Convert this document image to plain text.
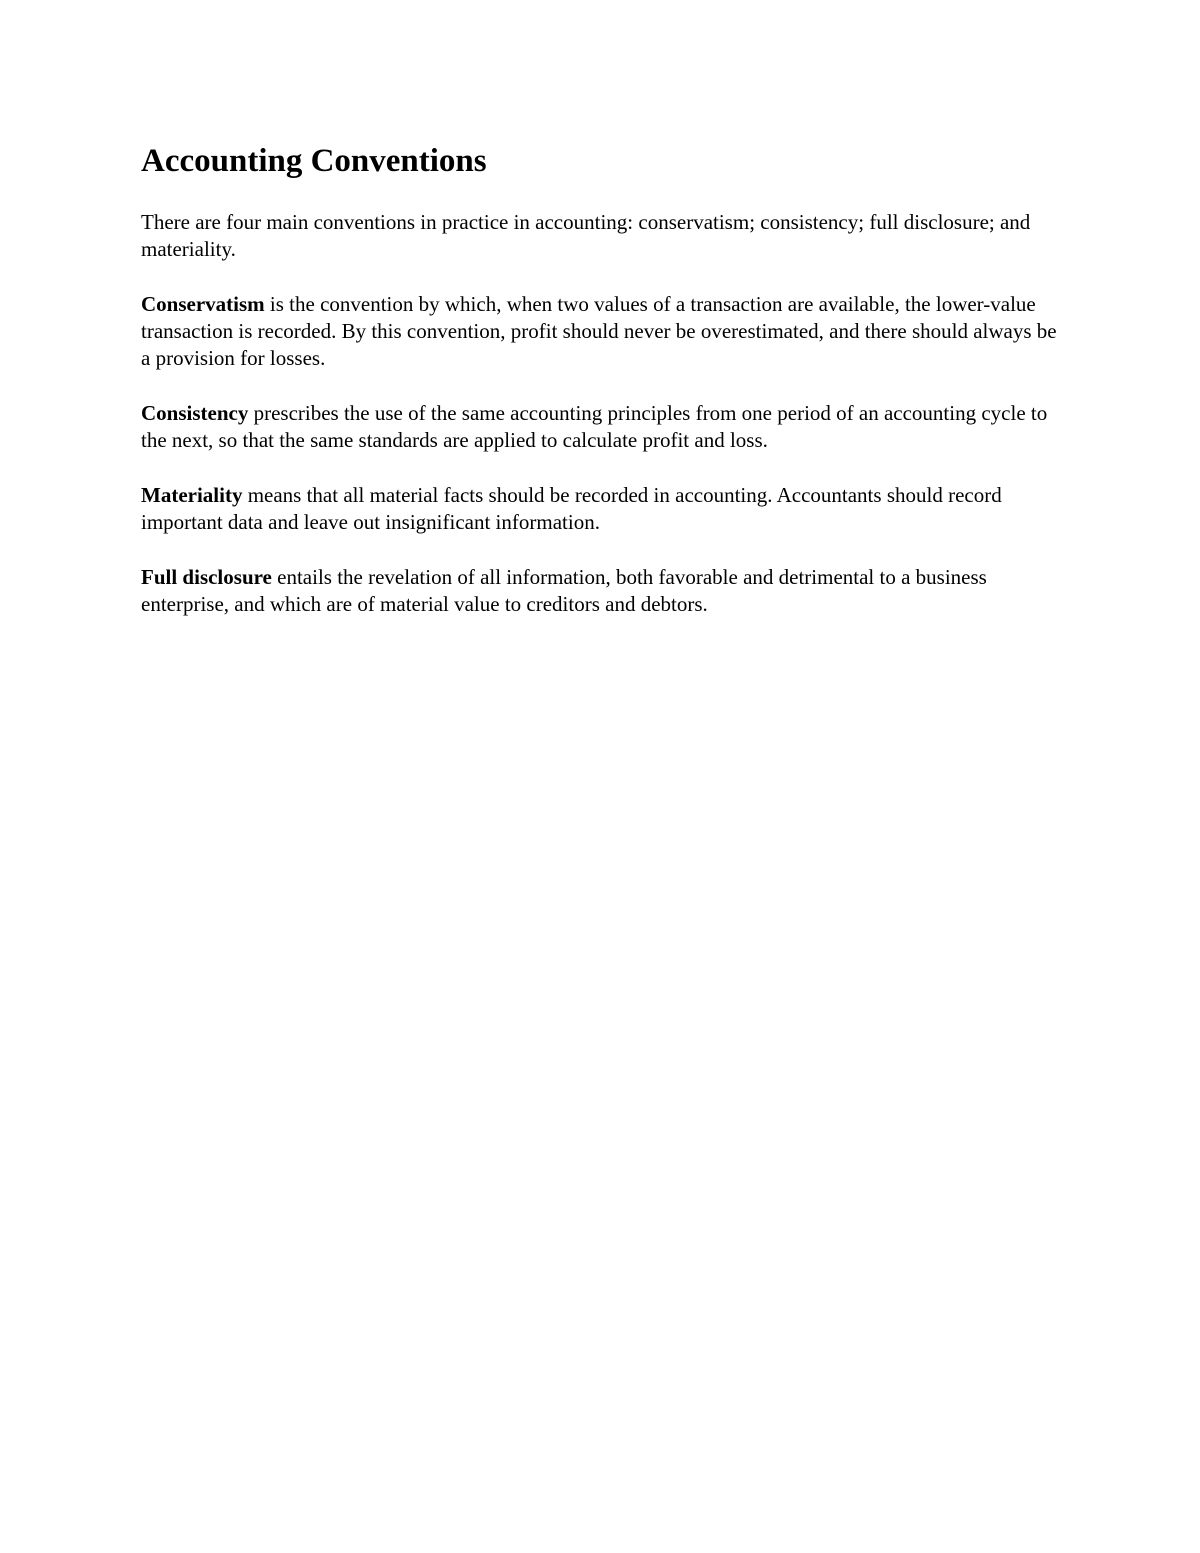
Accounting Conventions

There are four main conventions in practice in accounting: conservatism; consistency; full disclosure; and materiality.

Conservatism is the convention by which, when two values of a transaction are available, the lower-value transaction is recorded. By this convention, profit should never be overestimated, and there should always be a provision for losses.

Consistency prescribes the use of the same accounting principles from one period of an accounting cycle to the next, so that the same standards are applied to calculate profit and loss.

Materiality means that all material facts should be recorded in accounting. Accountants should record important data and leave out insignificant information.

Full disclosure entails the revelation of all information, both favorable and detrimental to a business enterprise, and which are of material value to creditors and debtors.
